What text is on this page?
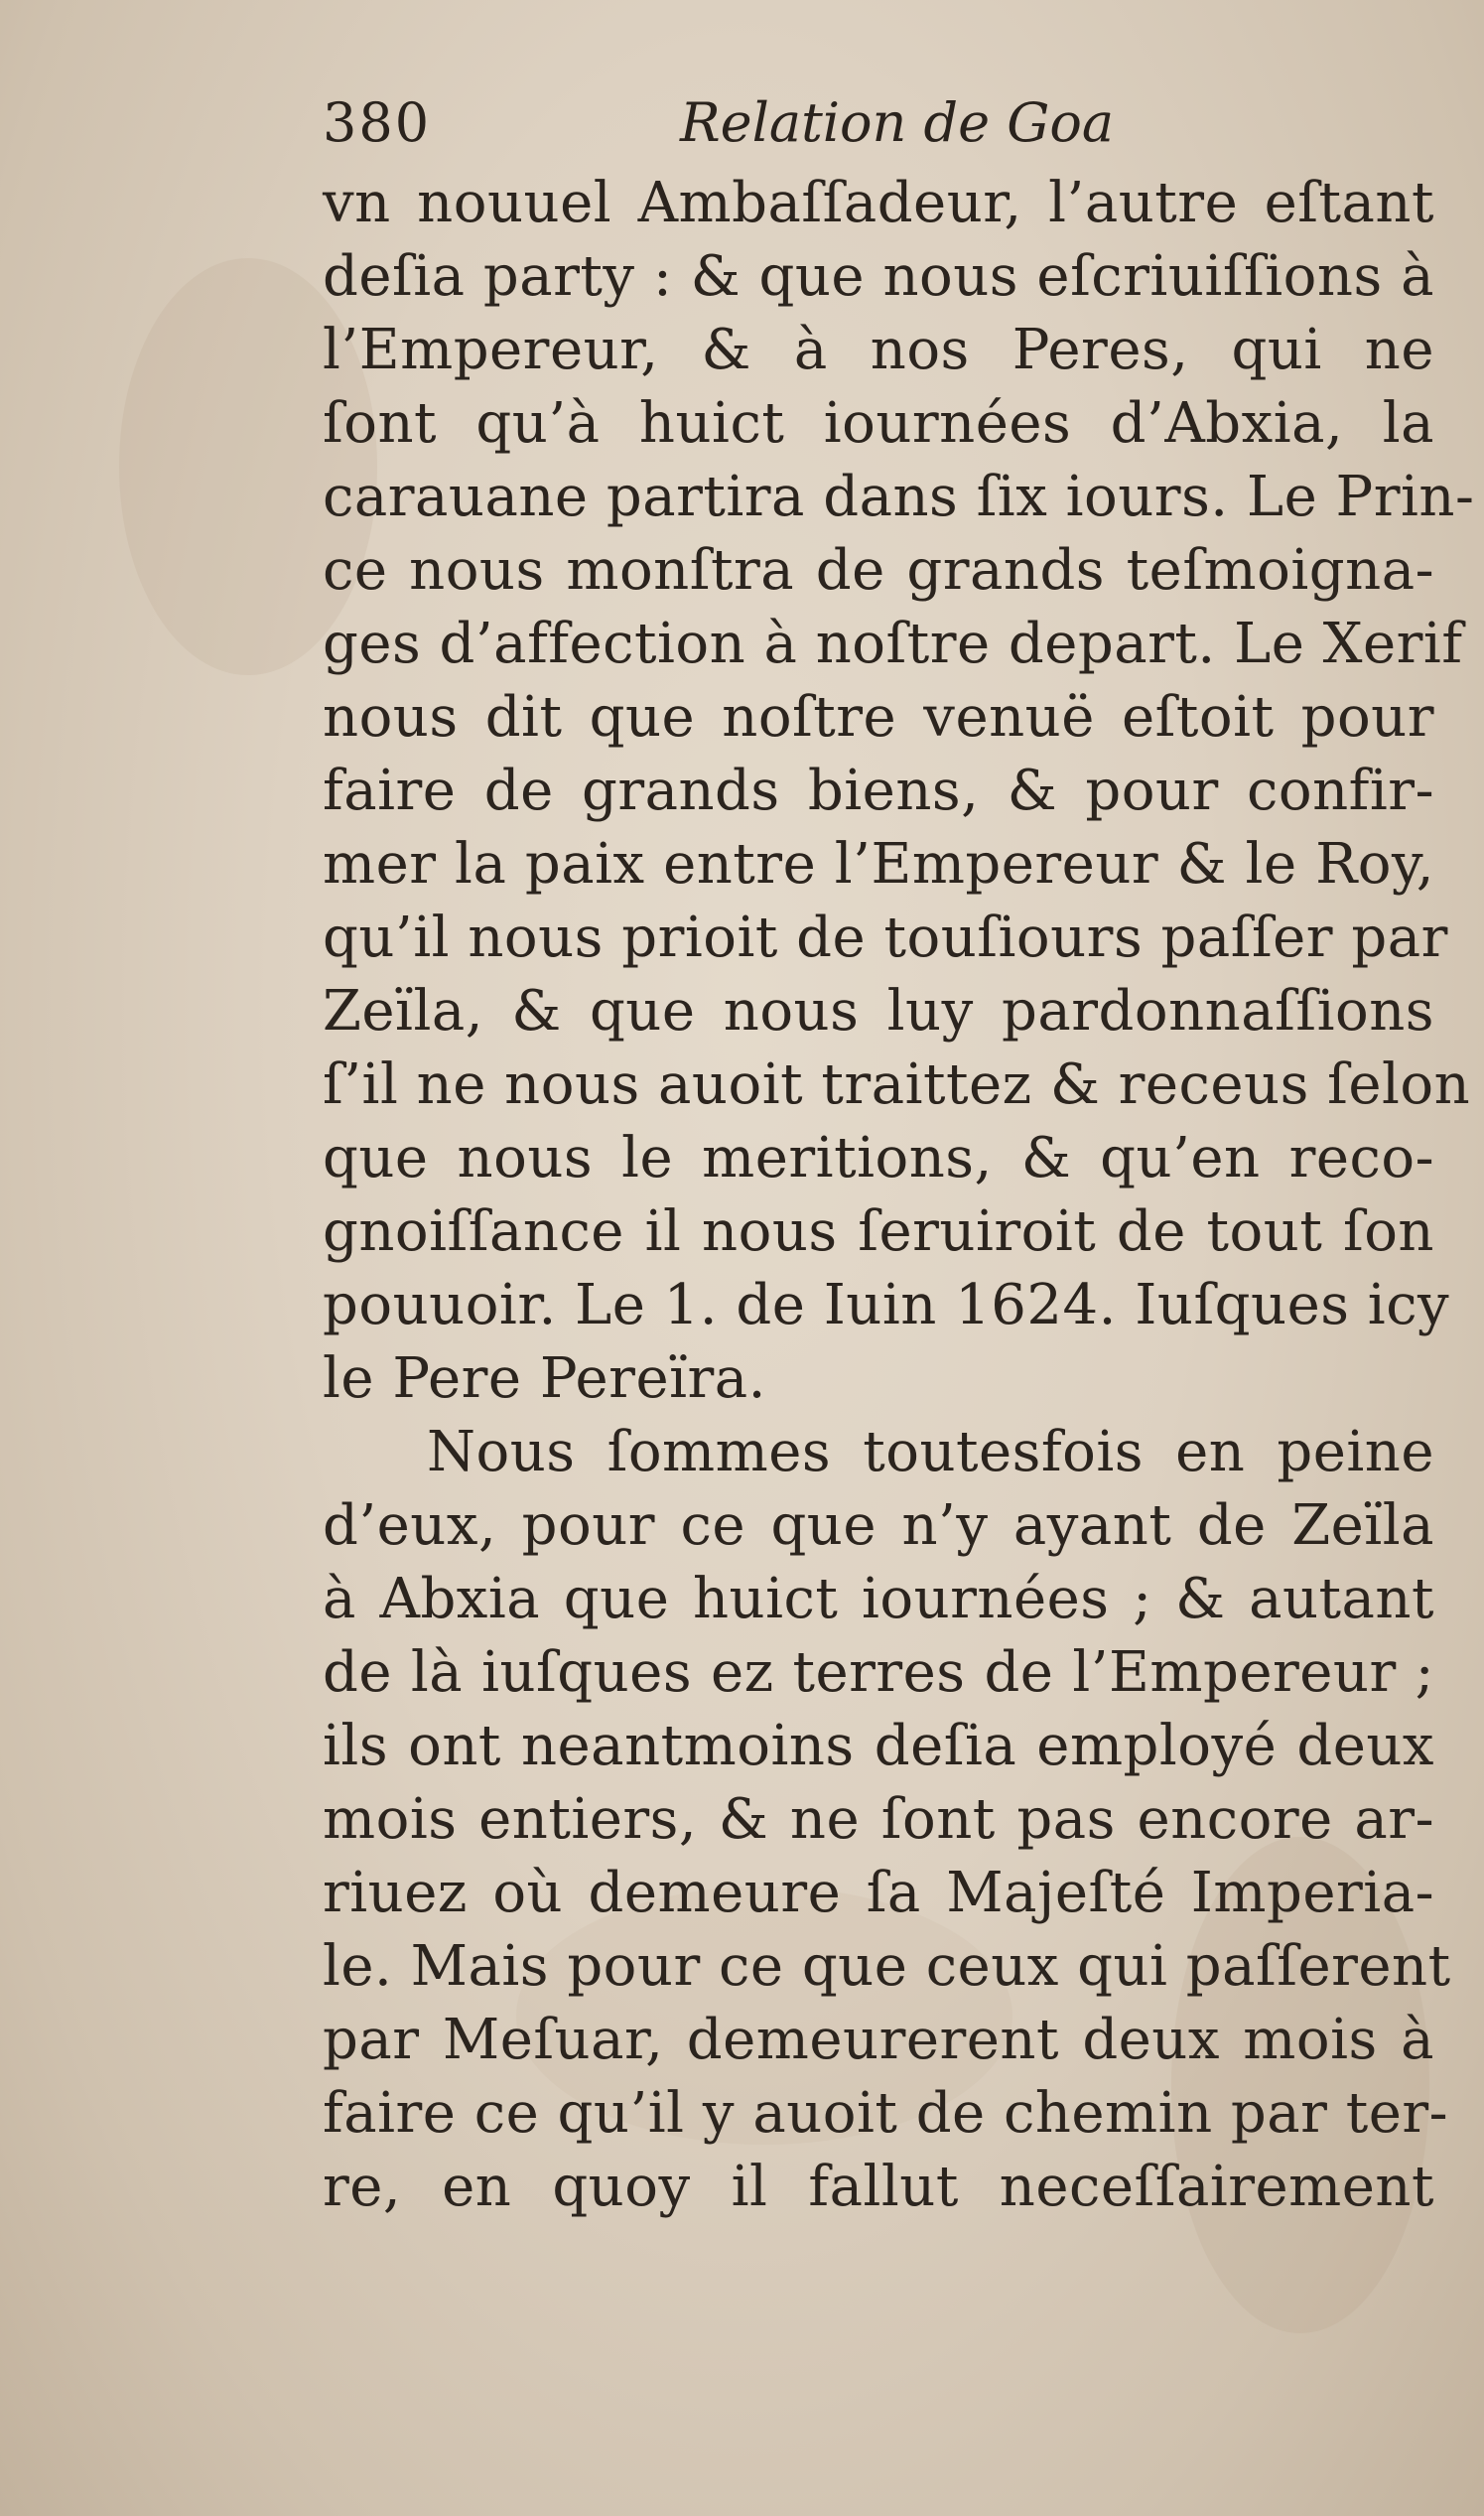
380	Relation de Goa
vn nouuel Ambaſſadeur, l’autre eſtant
deſia party : & que nous eſcriuiſſions à
l’Empereur, & à nos Peres, qui ne
ſont qu’à huict iournées d’Abxia, la
carauane partira dans ſix iours. Le Prin-
ce nous monſtra de grands teſmoigna-
ges d’affection à noſtre depart. Le Xerif
nous dit que noſtre venuë eſtoit pour
faire de grands biens, & pour confir-
mer la paix entre l’Empereur & le Roy,
qu’il nous prioit de touſiours paſſer par
Zeïla, & que nous luy pardonnaſſions
ſ’il ne nous auoit traittez & receus ſelon
que nous le meritions, & qu’en reco-
gnoiſſance il nous ſeruiroit de tout ſon
pouuoir. Le 1. de Iuin 1624. Iuſques icy
le Pere Pereïra.
Nous ſommes toutesfois en peine
d’eux, pour ce que n’y ayant de Zeïla
à Abxia que huict iournées ; & autant
de là iuſques ez terres de l’Empereur ;
ils ont neantmoins deſia employé deux
mois entiers, & ne ſont pas encore ar-
riuez où demeure ſa Majeſté Imperia-
le. Mais pour ce que ceux qui paſſerent
par Meſuar, demeurerent deux mois à
faire ce qu’il y auoit de chemin par ter-
re, en quoy il fallut neceſſairement
